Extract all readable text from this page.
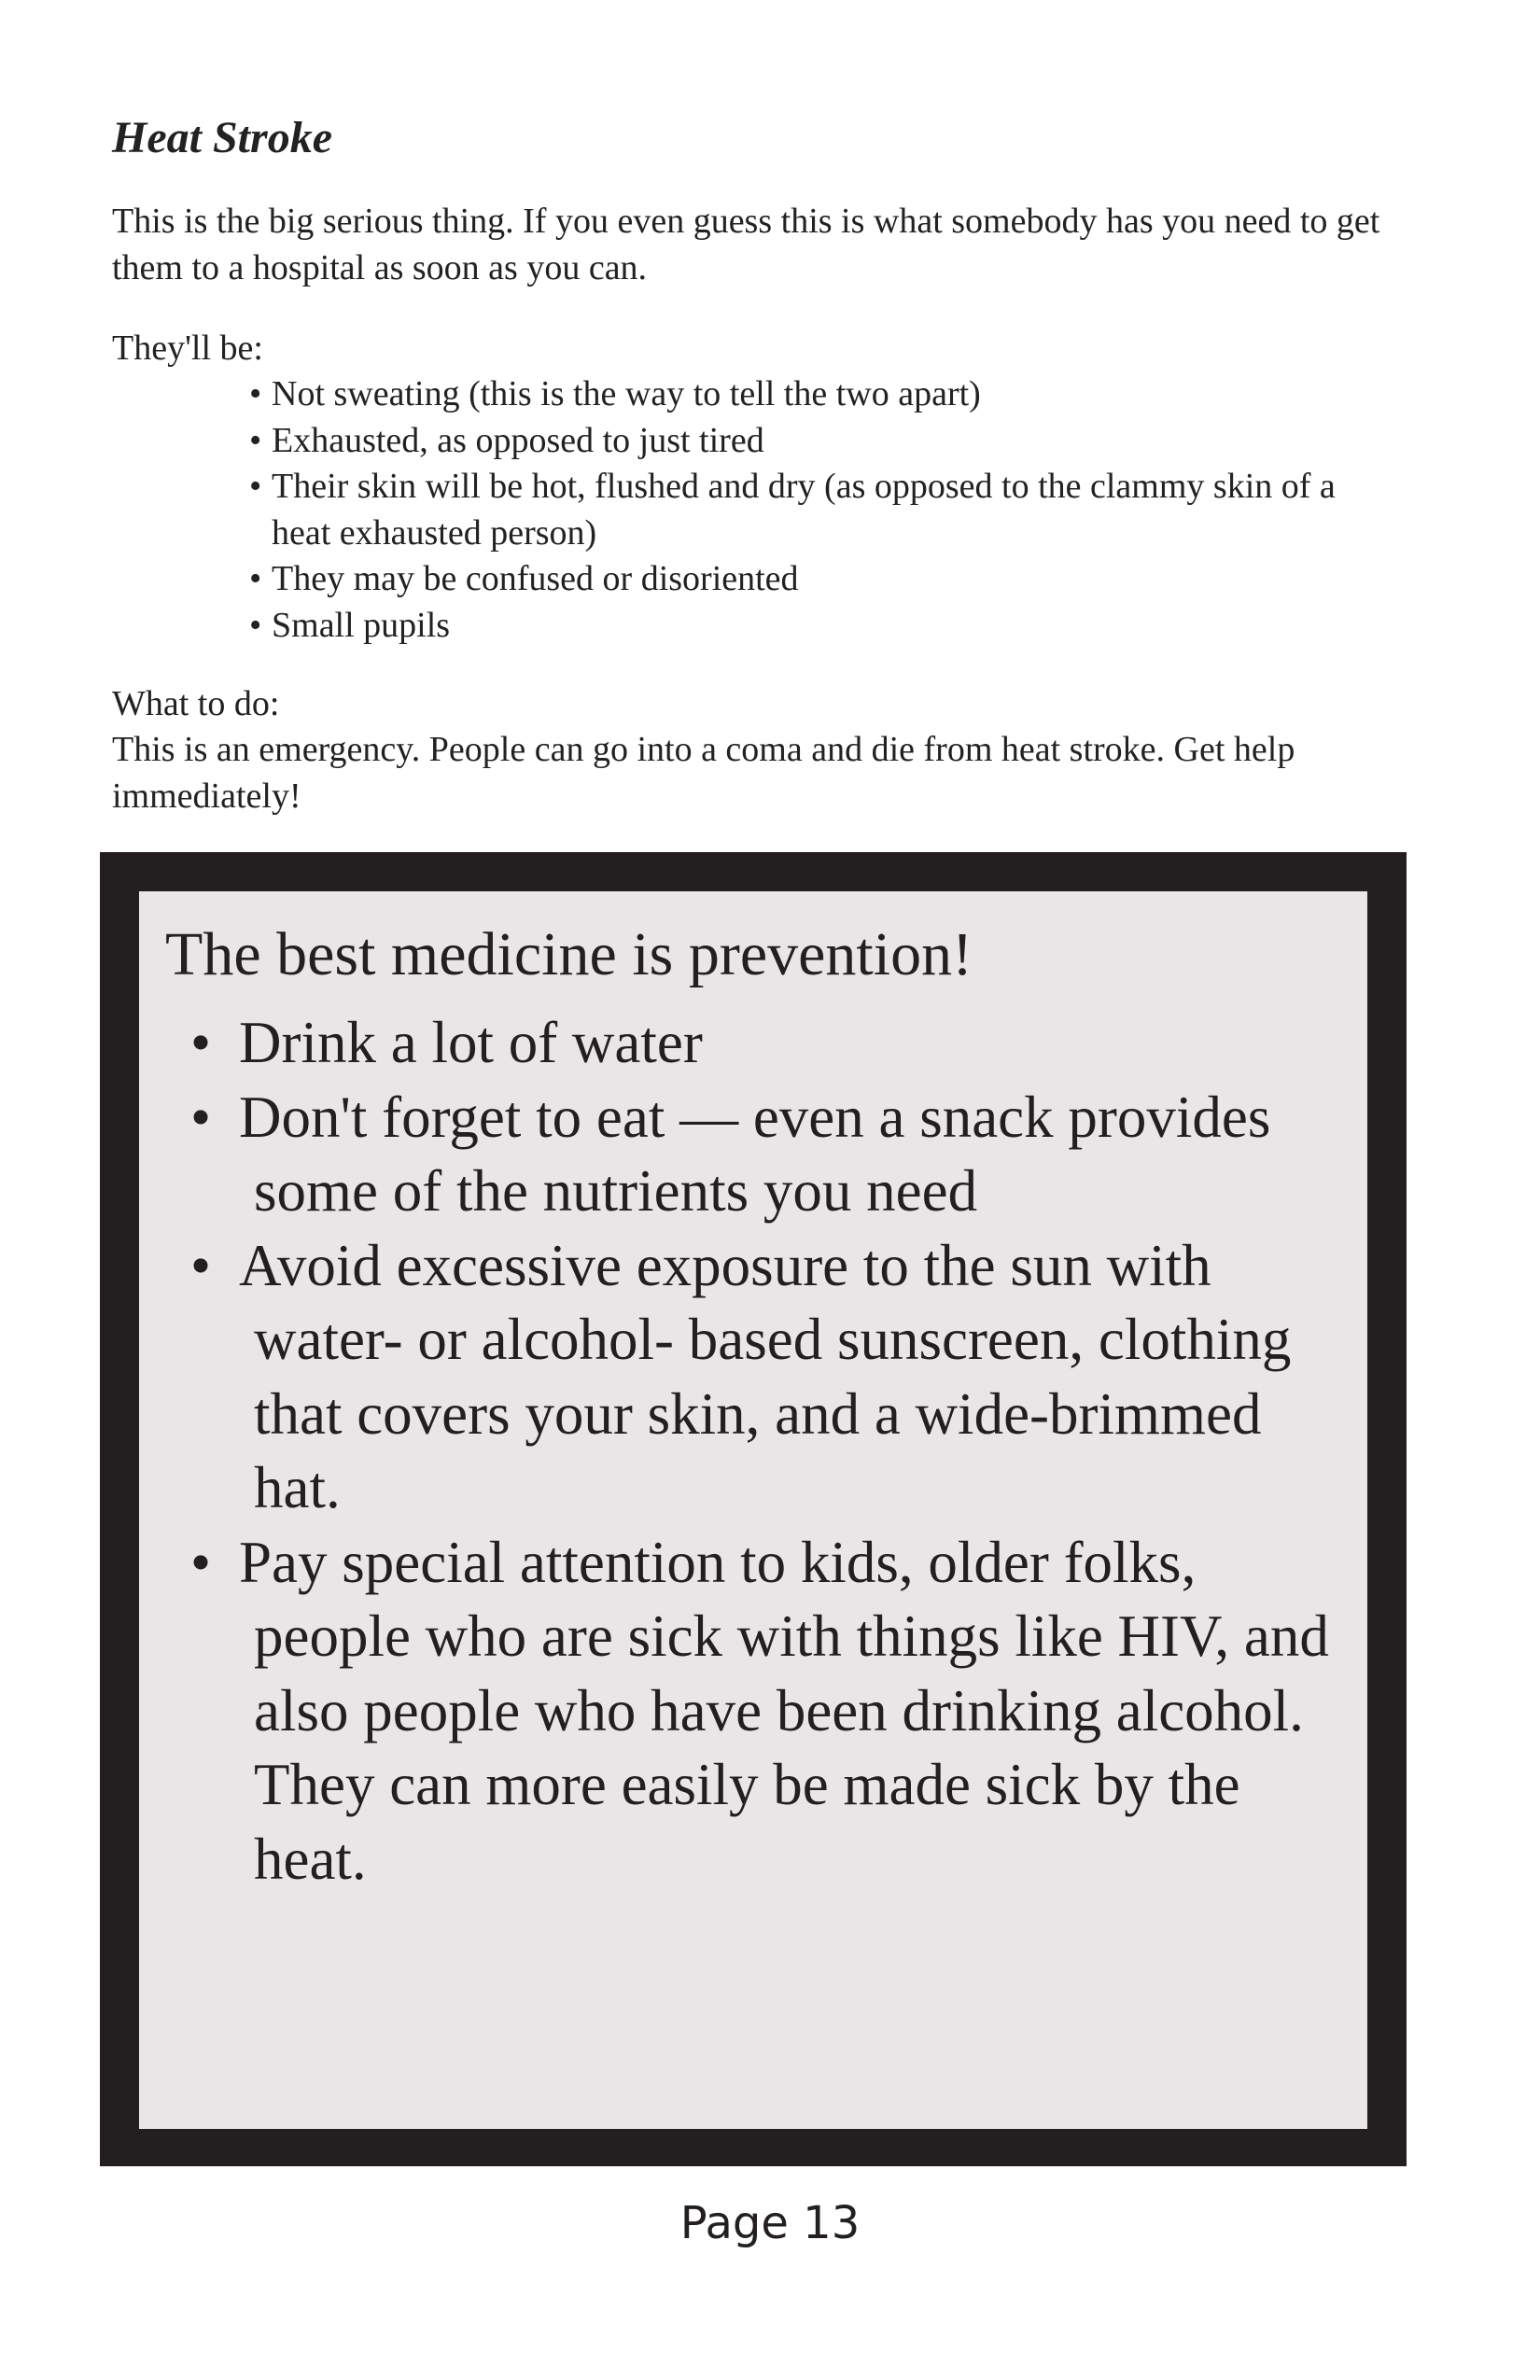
Heat Stroke

This is the big serious thing. If you even guess this is what somebody has you need to get them to a hospital as soon as you can.

They'll be:

• Not sweating (this is the way to tell the two apart)
• Exhausted, as opposed to just tired
• Their skin will be hot, flushed and dry (as opposed to the clammy skin of a heat exhausted person)
• They may be confused or disoriented
• Small pupils

What to do:

This is an emergency. People can go into a coma and die from heat stroke. Get help immediately!

The best medicine is prevention!

• Drink a lot of water
• Don't forget to eat — even a snack provides some of the nutrients you need
• Avoid excessive exposure to the sun with water- or alcohol- based sunscreen, clothing that covers your skin, and a wide-brimmed hat.
• Pay special attention to kids, older folks, people who are sick with things like HIV, and also people who have been drinking alcohol. They can more easily be made sick by the heat.

Page 13
